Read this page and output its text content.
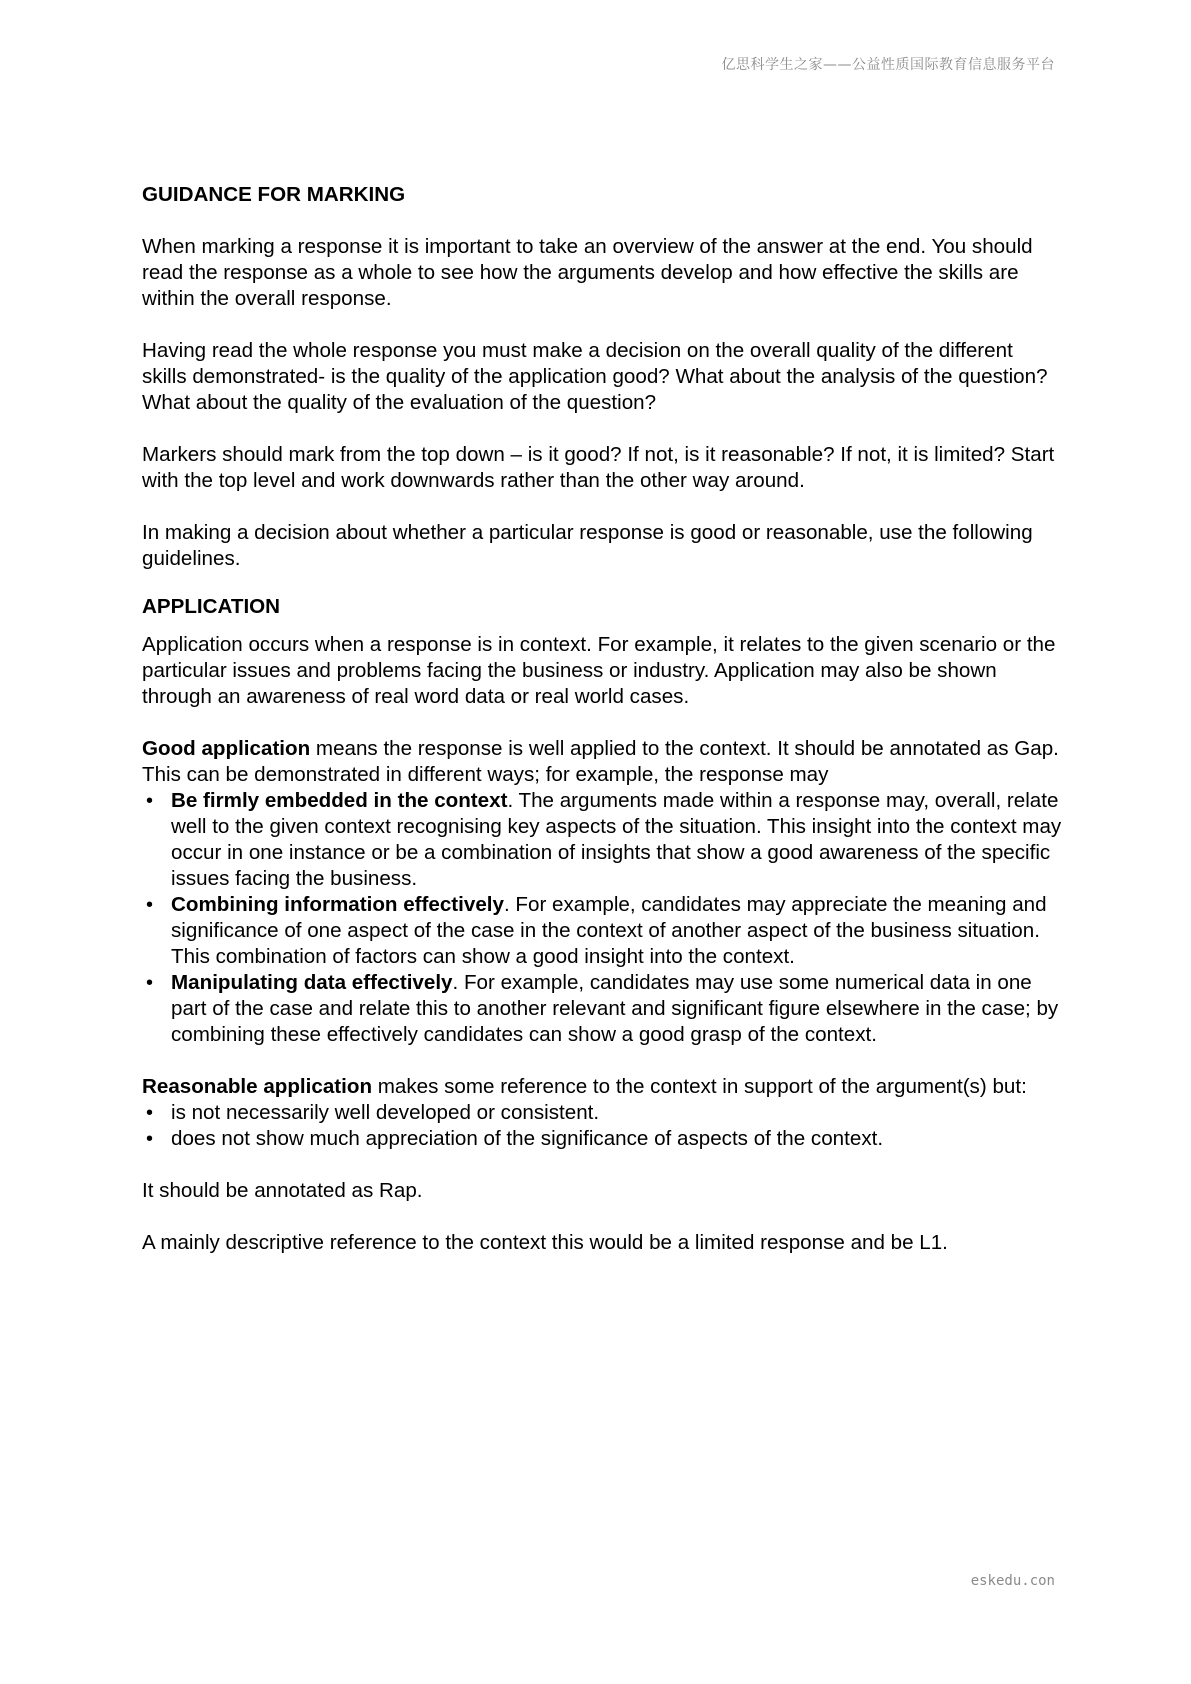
亿思科学生之家——公益性质国际教育信息服务平台

GUIDANCE FOR MARKING

When marking a response it is important to take an overview of the answer at the end. You should read the response as a whole to see how the arguments develop and how effective the skills are within the overall response.

Having read the whole response you must make a decision on the overall quality of the different skills demonstrated- is the quality of the application good? What about the analysis of the question? What about the quality of the evaluation of the question?

Markers should mark from the top down – is it good? If not, is it reasonable? If not, it is limited? Start with the top level and work downwards rather than the other way around.

In making a decision about whether a particular response is good or reasonable, use the following guidelines.

APPLICATION

Application occurs when a response is in context. For example, it relates to the given scenario or the particular issues and problems facing the business or industry. Application may also be shown through an awareness of real word data or real world cases.

Good application means the response is well applied to the context. It should be annotated as Gap. This can be demonstrated in different ways; for example, the response may

• Be firmly embedded in the context. The arguments made within a response may, overall, relate well to the given context recognising key aspects of the situation. This insight into the context may occur in one instance or be a combination of insights that show a good awareness of the specific issues facing the business.
• Combining information effectively. For example, candidates may appreciate the meaning and significance of one aspect of the case in the context of another aspect of the business situation. This combination of factors can show a good insight into the context.
• Manipulating data effectively. For example, candidates may use some numerical data in one part of the case and relate this to another relevant and significant figure elsewhere in the case; by combining these effectively candidates can show a good grasp of the context.

Reasonable application makes some reference to the context in support of the argument(s) but:

• is not necessarily well developed or consistent.
• does not show much appreciation of the significance of aspects of the context.

It should be annotated as Rap.

A mainly descriptive reference to the context this would be a limited response and be L1.

eskedu.con
